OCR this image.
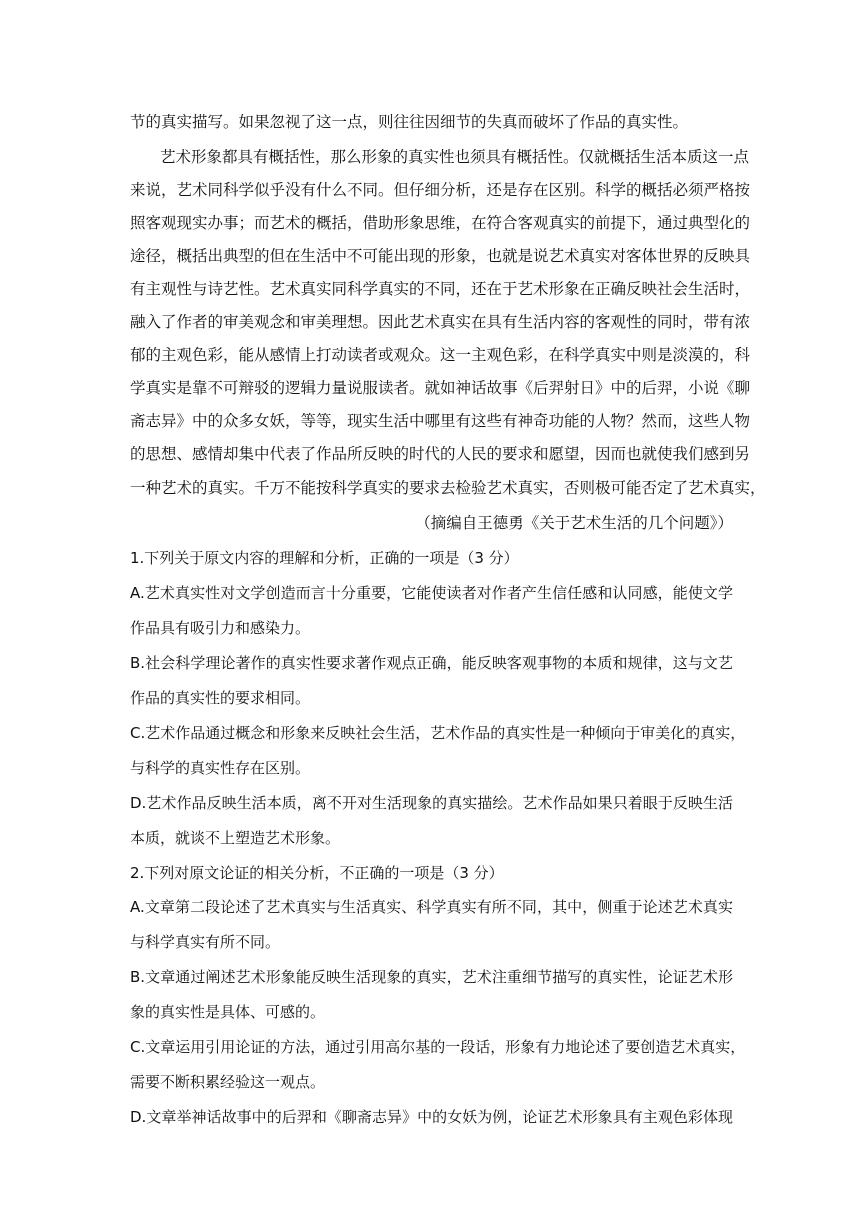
节的真实描写。如果忽视了这一点，则往往因细节的失真而破坏了作品的真实性。
艺术形象都具有概括性，那么形象的真实性也须具有概括性。仅就概括生活本质这一点
来说，艺术同科学似乎没有什么不同。但仔细分析，还是存在区别。科学的概括必须严格按
照客观现实办事；而艺术的概括，借助形象思维，在符合客观真实的前提下，通过典型化的
途径，概括出典型的但在生活中不可能出现的形象，也就是说艺术真实对客体世界的反映具
有主观性与诗艺性。艺术真实同科学真实的不同，还在于艺术形象在正确反映社会生活时，
融入了作者的审美观念和审美理想。因此艺术真实在具有生活内容的客观性的同时，带有浓
郁的主观色彩，能从感情上打动读者或观众。这一主观色彩，在科学真实中则是淡漠的，科
学真实是靠不可辩驳的逻辑力量说服读者。就如神话故事《后羿射日》中的后羿，小说《聊
斋志异》中的众多女妖，等等，现实生活中哪里有这些有神奇功能的人物？然而，这些人物
的思想、感情却集中代表了作品所反映的时代的人民的要求和愿望，因而也就使我们感到另
一种艺术的真实。千万不能按科学真实的要求去检验艺术真实，否则极可能否定了艺术真实，
（摘编自王德勇《关于艺术生活的几个问题》）
1.下列关于原文内容的理解和分析，正确的一项是（3 分）
A.艺术真实性对文学创造而言十分重要，它能使读者对作者产生信任感和认同感，能使文学
作品具有吸引力和感染力。
B.社会科学理论著作的真实性要求著作观点正确，能反映客观事物的本质和规律，这与文艺
作品的真实性的要求相同。
C.艺术作品通过概念和形象来反映社会生活，艺术作品的真实性是一种倾向于审美化的真实，
与科学的真实性存在区别。
D.艺术作品反映生活本质，离不开对生活现象的真实描绘。艺术作品如果只着眼于反映生活
本质，就谈不上塑造艺术形象。
2.下列对原文论证的相关分析，不正确的一项是（3 分）
A.文章第二段论述了艺术真实与生活真实、科学真实有所不同，其中，侧重于论述艺术真实
与科学真实有所不同。
B.文章通过阐述艺术形象能反映生活现象的真实，艺术注重细节描写的真实性，论证艺术形
象的真实性是具体、可感的。
C.文章运用引用论证的方法，通过引用高尔基的一段话，形象有力地论述了要创造艺术真实，
需要不断积累经验这一观点。
D.文章举神话故事中的后羿和《聊斋志异》中的女妖为例，论证艺术形象具有主观色彩体现
